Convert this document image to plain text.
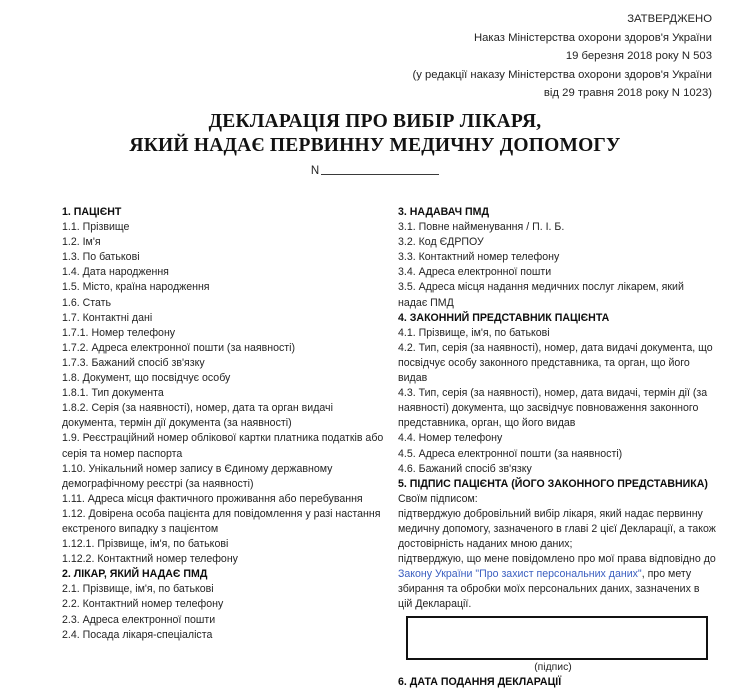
ЗАТВЕРДЖЕНО
Наказ Міністерства охорони здоров'я України
19 березня 2018 року N 503
(у редакції наказу Міністерства охорони здоров'я України
від 29 травня 2018 року N 1023)
ДЕКЛАРАЦІЯ ПРО ВИБІР ЛІКАРЯ,
ЯКИЙ НАДАЄ ПЕРВИННУ МЕДИЧНУ ДОПОМОГУ
N
1. ПАЦІЄНТ
1.1. Прізвище
1.2. Ім'я
1.3. По батькові
1.4. Дата народження
1.5. Місто, країна народження
1.6. Стать
1.7. Контактні дані
1.7.1. Номер телефону
1.7.2. Адреса електронної пошти (за наявності)
1.7.3. Бажаний спосіб зв'язку
1.8. Документ, що посвідчує особу
1.8.1. Тип документа
1.8.2. Серія (за наявності), номер, дата та орган видачі документа, термін дії документа (за наявності)
1.9. Реєстраційний номер облікової картки платника податків або серія та номер паспорта
1.10. Унікальний номер запису в Єдиному державному демографічному реєстрі (за наявності)
1.11. Адреса місця фактичного проживання або перебування
1.12. Довірена особа пацієнта для повідомлення у разі настання екстреного випадку з пацієнтом
1.12.1. Прізвище, ім'я, по батькові
1.12.2. Контактний номер телефону
2. ЛІКАР, ЯКИЙ НАДАЄ ПМД
2.1. Прізвище, ім'я, по батькові
2.2. Контактний номер телефону
2.3. Адреса електронної пошти
2.4. Посада лікаря-спеціаліста
3. НАДАВАЧ ПМД
3.1. Повне найменування / П. І. Б.
3.2. Код ЄДРПОУ
3.3. Контактний номер телефону
3.4. Адреса електронної пошти
3.5. Адреса місця надання медичних послуг лікарем, який надає ПМД
4. ЗАКОННИЙ ПРЕДСТАВНИК ПАЦІЄНТА
4.1. Прізвище, ім'я, по батькові
4.2. Тип, серія (за наявності), номер, дата видачі документа, що посвідчує особу законного представника, та орган, що його видав
4.3. Тип, серія (за наявності), номер, дата видачі, термін дії (за наявності) документа, що засвідчує повноваження законного представника, орган, що його видав
4.4. Номер телефону
4.5. Адреса електронної пошти (за наявності)
4.6. Бажаний спосіб зв'язку
5. ПІДПИС ПАЦІЄНТА (ЙОГО ЗАКОННОГО ПРЕДСТАВНИКА)
Своїм підписом:
підтверджую добровільний вибір лікаря, який надає первинну медичну допомогу, зазначеного в главі 2 цієї Декларації, а також достовірність наданих мною даних;
підтверджую, що мене повідомлено про мої права відповідно до Закону України "Про захист персональних даних", про мету збирання та обробки моїх персональних даних, зазначених в цій Декларації.
(підпис)
6. ДАТА ПОДАННЯ ДЕКЛАРАЦІЇ
